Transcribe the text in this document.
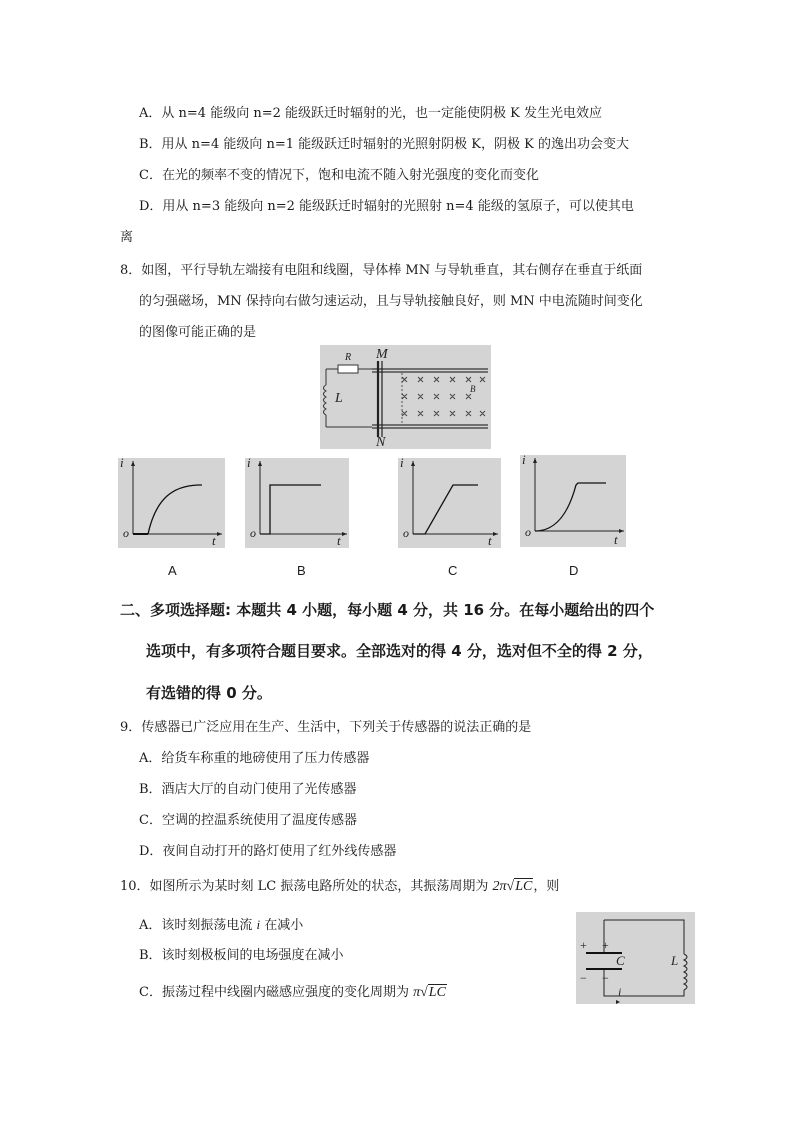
A．从 n=4 能级向 n=2 能级跃迁时辐射的光，也一定能使阴极 K 发生光电效应
B．用从 n=4 能级向 n=1 能级跃迁时辐射的光照射阴极 K，阴极 K 的逸出功会变大
C．在光的频率不变的情况下，饱和电流不随入射光强度的变化而变化
D．用从 n=3 能级向 n=2 能级跃迁时辐射的光照射 n=4 能级的氢原子，可以使其电
离
8．如图，平行导轨左端接有电阻和线圈，导体棒 MN 与导轨垂直，其右侧存在垂直于纸面
的匀强磁场，MN 保持向右做匀速运动，且与导轨接触良好，则 MN 中电流随时间变化
的图像可能正确的是
R M
L
N
B
i
o	t
i
o	t
i
o	t
i
o	t
A	B	C	D
二、多项选择题: 本题共 4 小题，每小题 4 分，共 16 分。在每小题给出的四个
选项中，有多项符合题目要求。全部选对的得 4 分，选对但不全的得 2 分，
有选错的得 0 分。
9．传感器已广泛应用在生产、生活中，下列关于传感器的说法正确的是
A．给货车称重的地磅使用了压力传感器
B．酒店大厅的自动门使用了光传感器
C．空调的控温系统使用了温度传感器
D．夜间自动打开的路灯使用了红外线传感器
10．如图所示为某时刻 LC 振荡电路所处的状态，其振荡周期为 2π√LC，则
A．该时刻振荡电流 i 在减小
B．该时刻极板间的电场强度在减小
C．振荡过程中线圈内磁感应强度的变化周期为 π√LC
+ +
− −
C	L
i
